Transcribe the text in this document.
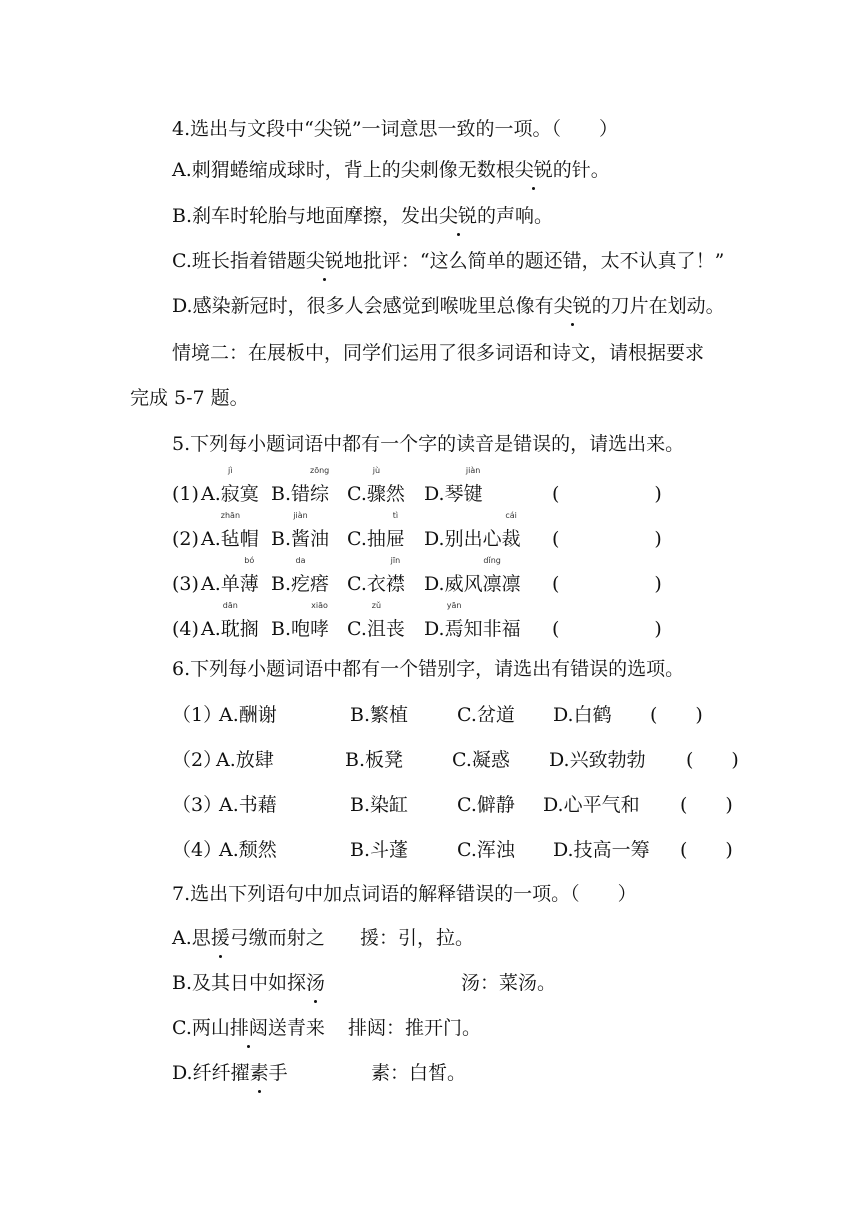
4.选出与文段中“尖锐”一词意思一致的一项。（　　）
A.刺猬蜷缩成球时，背上的尖刺像无数根尖锐的针。
B.刹车时轮胎与地面摩擦，发出尖锐的声响。
C.班长指着错题尖锐地批评：“这么简单的题还错，太不认真了！”
D.感染新冠时，很多人会感觉到喉咙里总像有尖锐的刀片在划动。
情境二：在展板中，同学们运用了很多词语和诗文，请根据要求
完成 5-7 题。
5.下列每小题词语中都有一个字的读音是错误的，请选出来。
A.寂
jì
寞 B.错综
zōng
C.骤
jù
然 D.琴键
jiàn
(1)	(　　　　　)
A.毡
zhān
帽 B.酱
jiàn
油 C.抽屉
tì
D.别出心裁
cái
(2)	(　　　　　)
A.单薄
bó
B.疙
da
瘩 C.衣襟
jīn
D.威风凛
dǐng
凛
(3)	(　　　　　)
A.耽
dān
搁 B.咆哮
xiāo
C.沮
zǔ
丧 D.焉
yān
知非福
(4)	(　　　　　)
6.下列每小题词语中都有一个错别字，请选出有错误的选项。
（1）
A.酬谢	B.繁植	C.岔道 D.白鹤 (　　)
（2）
A.放肆	B.板凳	C.凝惑 D.兴致勃勃 (　　)
（3）
A.书藉	B.染缸	C.僻静 D.心平气和 (　　)
（4）
A.颓然	B.斗蓬	C.浑浊 D.技高一筹 (　　)
7.选出下列语句中加点词语的解释错误的一项。（　　）
A.思援弓缴而射之 援：引，拉。
B.及其日中如探汤	汤：菜汤。
C.两山排闼送青来 排闼：推开门。
D.纤纤擢素手	素：白皙。
